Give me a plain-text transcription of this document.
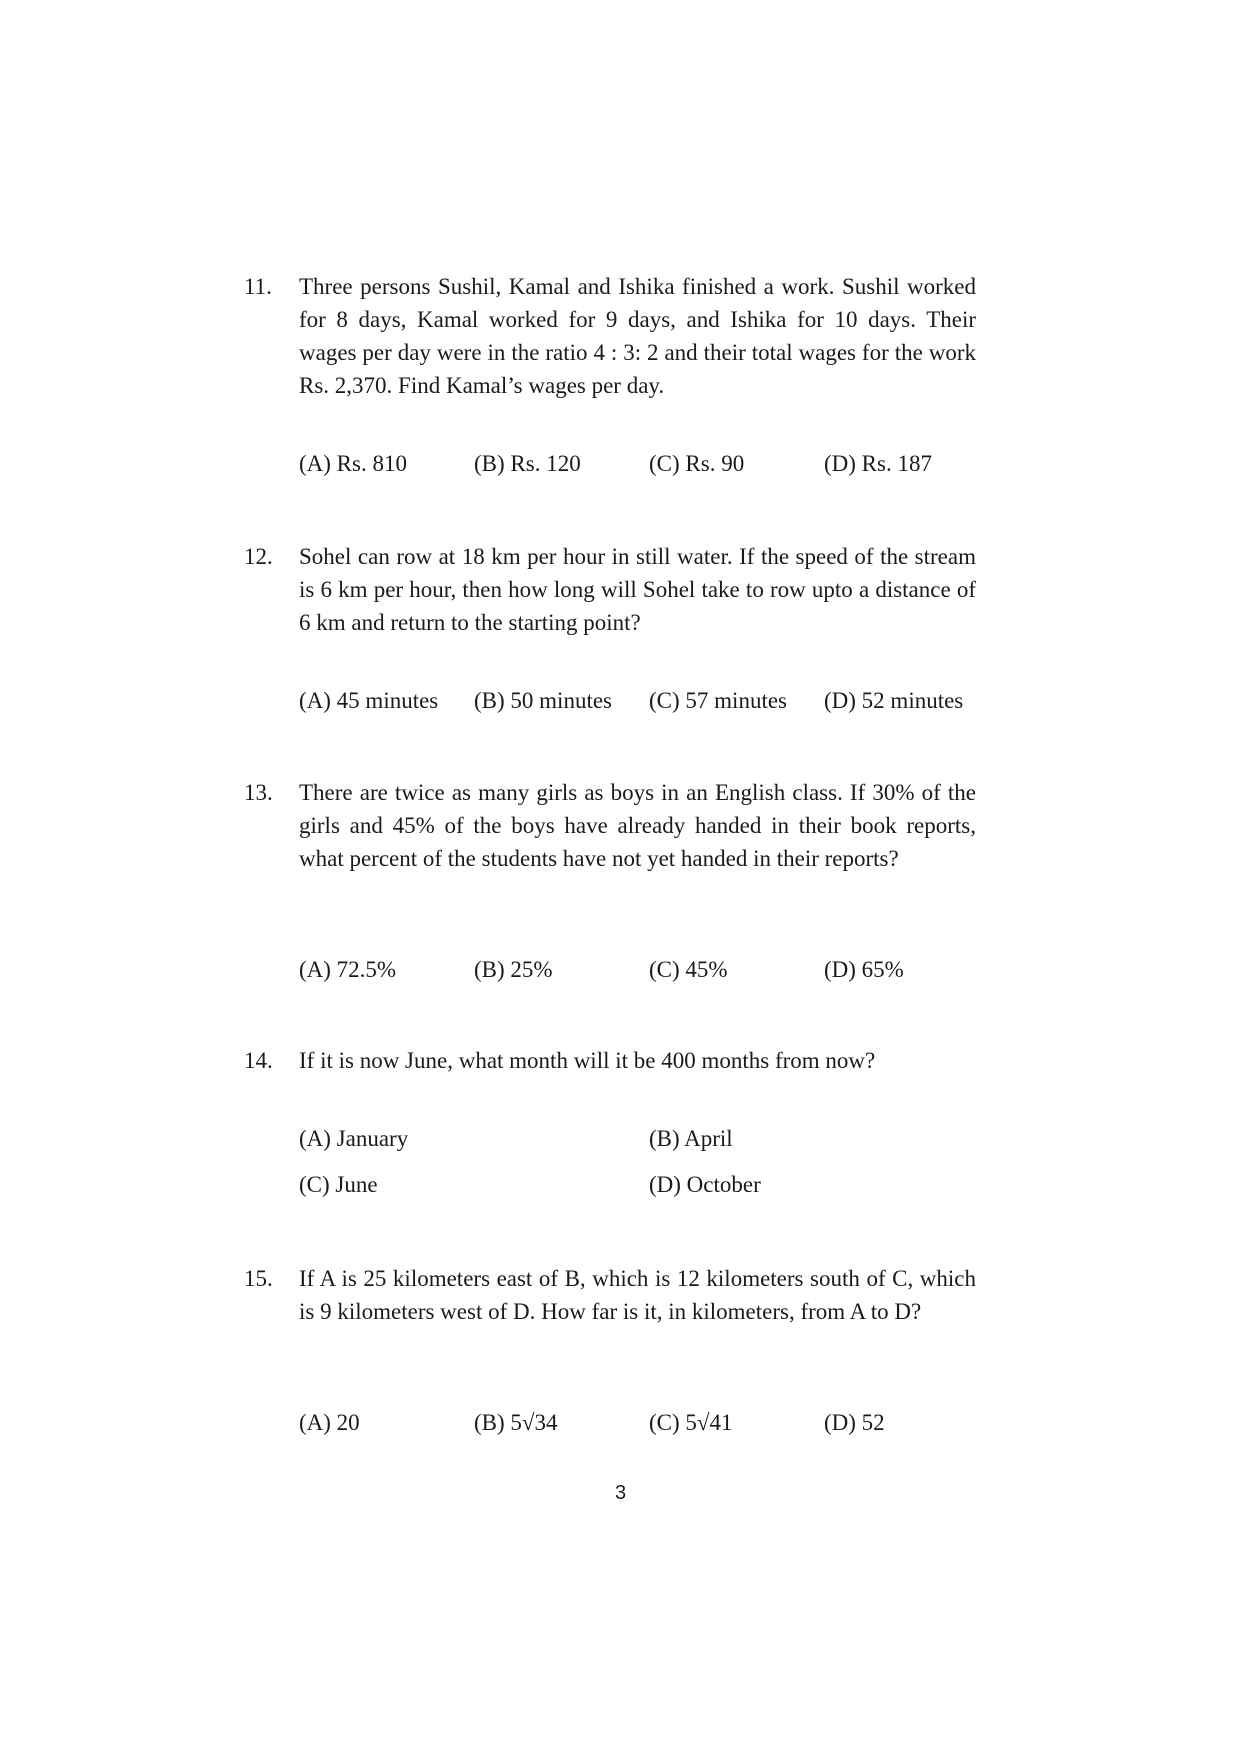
11. Three persons Sushil, Kamal and Ishika finished a work. Sushil worked for 8 days, Kamal worked for 9 days, and Ishika for 10 days. Their wages per day were in the ratio 4 : 3: 2 and their total wages for the work Rs. 2,370. Find Kamal’s wages per day.
(A) Rs. 810	(B) Rs. 120	(C) Rs. 90	(D) Rs. 187
12. Sohel can row at 18 km per hour in still water. If the speed of the stream is 6 km per hour, then how long will Sohel take to row upto a distance of 6 km and return to the starting point?
(A) 45 minutes (B) 50 minutes (C) 57 minutes (D) 52 minutes
13. There are twice as many girls as boys in an English class. If 30% of the girls and 45% of the boys have already handed in their book reports, what percent of the students have not yet handed in their reports?
(A) 72.5%	(B) 25%	(C) 45%	(D) 65%
14. If it is now June, what month will it be 400 months from now?
(A) January	(B) April
(C) June	(D) October
15. If A is 25 kilometers east of B, which is 12 kilometers south of C, which is 9 kilometers west of D. How far is it, in kilometers, from A to D?
(A) 20	(B) 5√34	(C) 5√41	(D) 52
3
